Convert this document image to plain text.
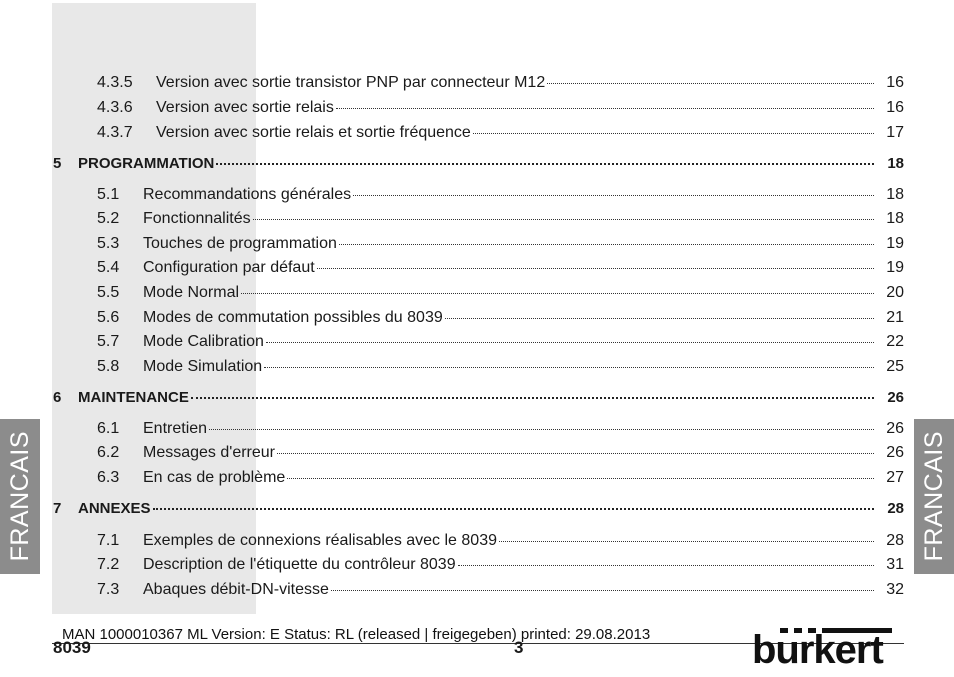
FRANCAIS	FRANCAIS
4.3.5 Version avec sortie transistor PNP par connecteur M12	16
4.3.6 Version avec sortie relais	16
4.3.7 Version avec sortie relais et sortie fréquence	17
5 PROGRAMMATION	18
5.1 Recommandations générales	18
5.2 Fonctionnalités	18
5.3 Touches de programmation	19
5.4 Configuration par défaut	19
5.5 Mode Normal	20
5.6 Modes de commutation possibles du 8039	21
5.7 Mode Calibration	22
5.8 Mode Simulation	25
6 MAINTENANCE	26
6.1 Entretien	26
6.2 Messages d'erreur	26
6.3 En cas de problème	27
7 ANNEXES	28
7.1 Exemples de connexions réalisables avec le 8039	28
7.2 Description de l'étiquette du contrôleur 8039	31
7.3 Abaques débit-DN-vitesse	32
MAN 1000010367 ML Version: E Status: RL (released | freigegeben) printed: 29.08.2013
8039	3	burkert
